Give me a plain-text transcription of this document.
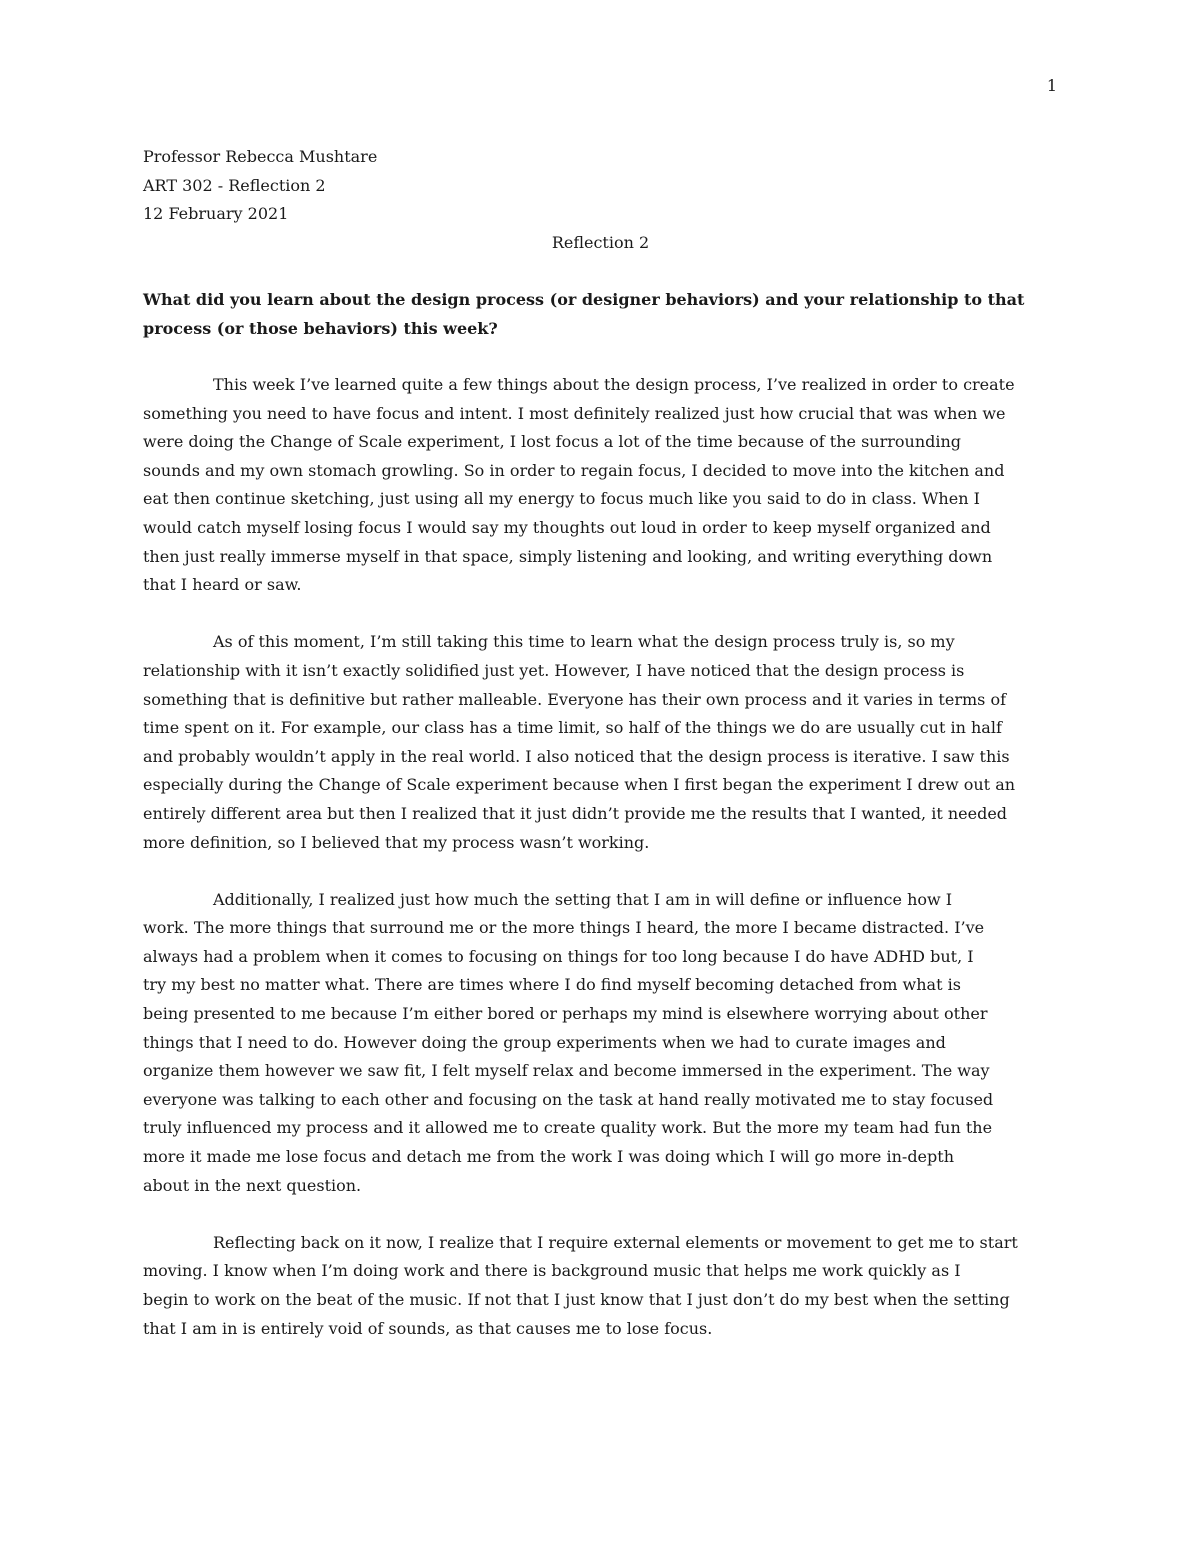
1
Professor Rebecca Mushtare
ART 302 - Reflection 2
12 February 2021
Reflection 2
What did you learn about the design process (or designer behaviors) and your relationship to that
process (or those behaviors) this week?

This week I’ve learned quite a few things about the design process, I’ve realized in order to create
something you need to have focus and intent. I most definitely realized just how crucial that was when we
were doing the Change of Scale experiment, I lost focus a lot of the time because of the surrounding
sounds and my own stomach growling. So in order to regain focus, I decided to move into the kitchen and
eat then continue sketching, just using all my energy to focus much like you said to do in class. When I
would catch myself losing focus I would say my thoughts out loud in order to keep myself organized and
then just really immerse myself in that space, simply listening and looking, and writing everything down
that I heard or saw.

As of this moment, I’m still taking this time to learn what the design process truly is, so my
relationship with it isn’t exactly solidified just yet. However, I have noticed that the design process is
something that is definitive but rather malleable. Everyone has their own process and it varies in terms of
time spent on it. For example, our class has a time limit, so half of the things we do are usually cut in half
and probably wouldn’t apply in the real world. I also noticed that the design process is iterative. I saw this
especially during the Change of Scale experiment because when I first began the experiment I drew out an
entirely different area but then I realized that it just didn’t provide me the results that I wanted, it needed
more definition, so I believed that my process wasn’t working.

Additionally, I realized just how much the setting that I am in will define or influence how I
work. The more things that surround me or the more things I heard, the more I became distracted. I’ve
always had a problem when it comes to focusing on things for too long because I do have ADHD but, I
try my best no matter what. There are times where I do find myself becoming detached from what is
being presented to me because I’m either bored or perhaps my mind is elsewhere worrying about other
things that I need to do. However doing the group experiments when we had to curate images and
organize them however we saw fit, I felt myself relax and become immersed in the experiment. The way
everyone was talking to each other and focusing on the task at hand really motivated me to stay focused
truly influenced my process and it allowed me to create quality work. But the more my team had fun the
more it made me lose focus and detach me from the work I was doing which I will go more in-depth
about in the next question.

Reflecting back on it now, I realize that I require external elements or movement to get me to start
moving. I know when I’m doing work and there is background music that helps me work quickly as I
begin to work on the beat of the music. If not that I just know that I just don’t do my best when the setting
that I am in is entirely void of sounds, as that causes me to lose focus.
